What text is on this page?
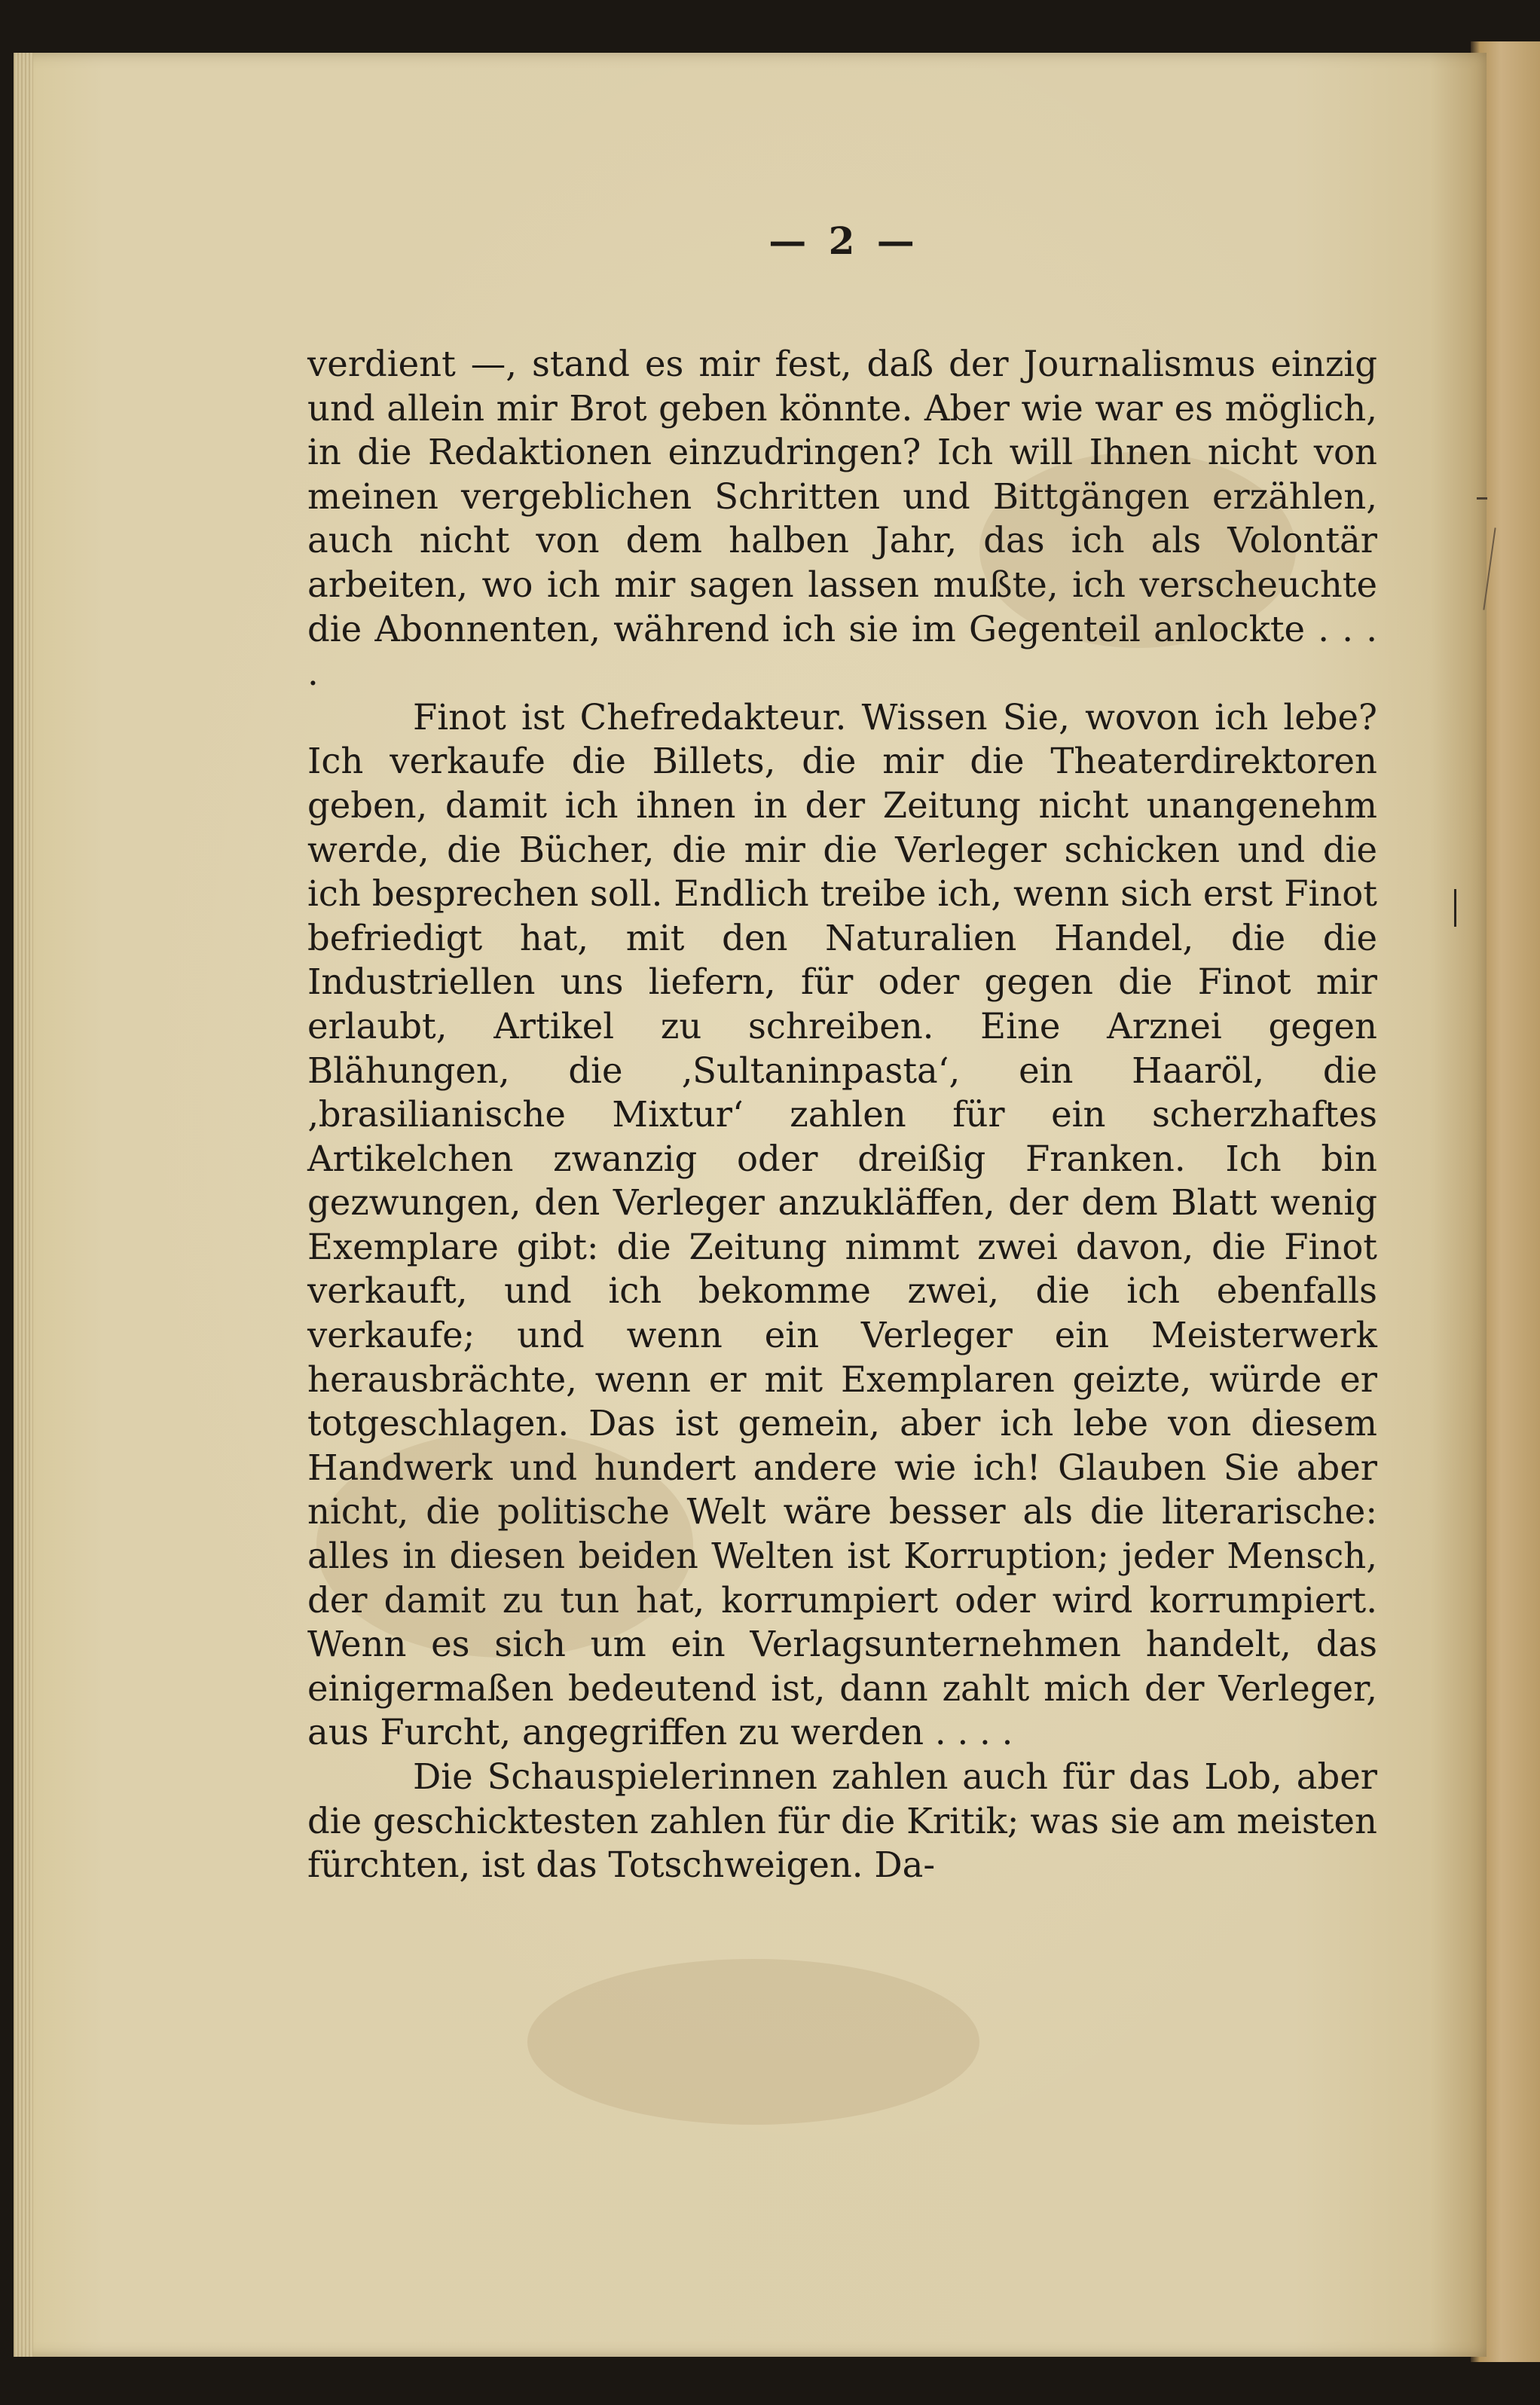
— 2 —

verdient —, stand es mir fest, daß der Journalismus einzig und allein mir Brot geben könnte. Aber wie war es möglich, in die Redaktionen einzudringen? Ich will Ihnen nicht von meinen vergeblichen Schritten und Bittgängen erzählen, auch nicht von dem halben Jahr, das ich als Volontär arbeiten, wo ich mir sagen lassen mußte, ich verscheuchte die Abonnenten, während ich sie im Gegenteil anlockte . . . .

Finot ist Chefredakteur. Wissen Sie, wovon ich lebe? Ich verkaufe die Billets, die mir die Theaterdirektoren geben, damit ich ihnen in der Zeitung nicht unangenehm werde, die Bücher, die mir die Verleger schicken und die ich besprechen soll. Endlich treibe ich, wenn sich erst Finot befriedigt hat, mit den Naturalien Handel, die die Industriellen uns liefern, für oder gegen die Finot mir erlaubt, Artikel zu schreiben. Eine Arznei gegen Blähungen, die ‚Sultaninpasta‘, ein Haaröl, die ‚brasilianische Mixtur‘ zahlen für ein scherzhaftes Artikelchen zwanzig oder dreißig Franken. Ich bin gezwungen, den Verleger anzukläffen, der dem Blatt wenig Exemplare gibt: die Zeitung nimmt zwei davon, die Finot verkauft, und ich bekomme zwei, die ich ebenfalls verkaufe; und wenn ein Verleger ein Meisterwerk herausbrächte, wenn er mit Exemplaren geizte, würde er totgeschlagen. Das ist gemein, aber ich lebe von diesem Handwerk und hundert andere wie ich! Glauben Sie aber nicht, die politische Welt wäre besser als die literarische: alles in diesen beiden Welten ist Korruption; jeder Mensch, der damit zu tun hat, korrumpiert oder wird korrumpiert. Wenn es sich um ein Verlagsunternehmen handelt, das einigermaßen bedeutend ist, dann zahlt mich der Verleger, aus Furcht, angegriffen zu werden . . . .

Die Schauspielerinnen zahlen auch für das Lob, aber die geschicktesten zahlen für die Kritik; was sie am meisten fürchten, ist das Totschweigen. Da-
